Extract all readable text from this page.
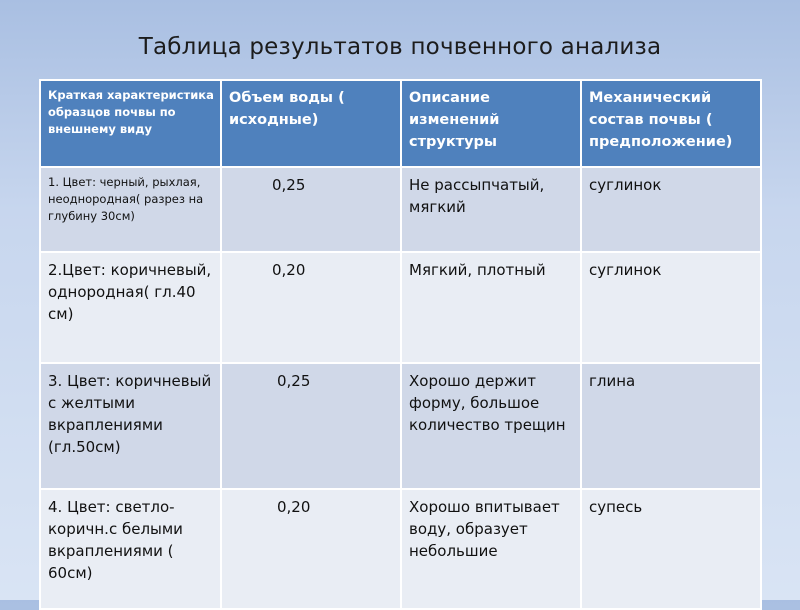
Таблица результатов почвенного анализа
Краткая характеристика образцов почвы по внешнему виду	Объем воды ( исходные)	Описание изменений структуры	Механический состав почвы ( предположение)
1. Цвет: черный, рыхлая, неоднородная( разрез на глубину 30см)	0,25	Не рассыпчатый, мягкий	суглинок
2.Цвет: коричневый, однородная( гл.40 см)	0,20	Мягкий, плотный	суглинок
3. Цвет: коричневый с желтыми вкраплениями (гл.50см)	0,25	Хорошо держит форму, большое количество трещин	глина
4. Цвет: светло-коричн.с белыми вкраплениями ( 60см)	0,20	Хорошо впитывает воду, образует небольшие	супесь
